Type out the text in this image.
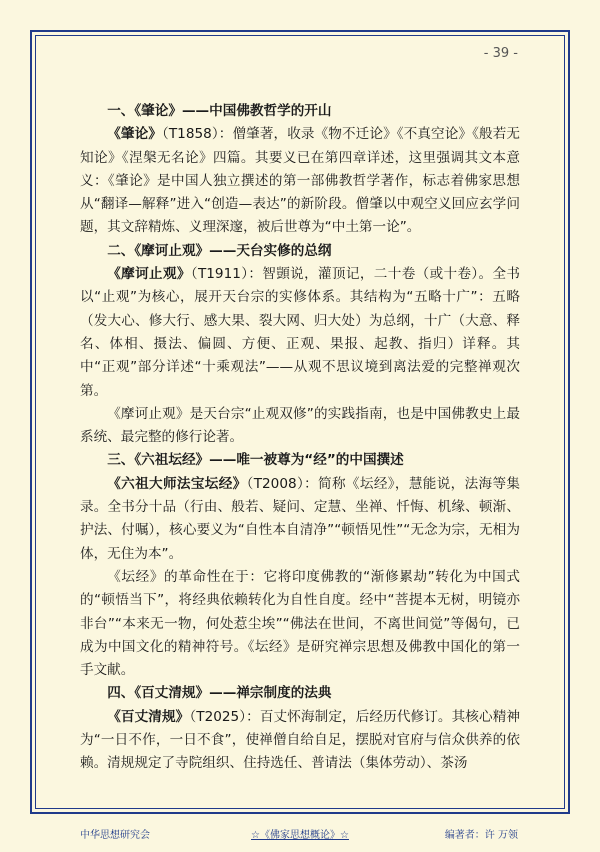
- 39 -
一、《肇论》——中国佛教哲学的开山

《肇论》（T1858）：僧肇著，收录《物不迁论》《不真空论》《般若无知论》《涅槃无名论》四篇。其要义已在第四章详述，这里强调其文本意义：《肇论》是中国人独立撰述的第一部佛教哲学著作，标志着佛家思想从“翻译—解释”进入“创造—表达”的新阶段。僧肇以中观空义回应玄学问题，其文辞精炼、义理深邃，被后世尊为“中土第一论”。

二、《摩诃止观》——天台实修的总纲

《摩诃止观》（T1911）：智顗说，灌顶记，二十卷（或十卷）。全书以“止观”为核心，展开天台宗的实修体系。其结构为“五略十广”：五略（发大心、修大行、感大果、裂大网、归大处）为总纲，十广（大意、释名、体相、摄法、偏圆、方便、正观、果报、起教、指归）详释。其中“正观”部分详述“十乘观法”——从观不思议境到离法爱的完整禅观次第。

《摩诃止观》是天台宗“止观双修”的实践指南，也是中国佛教史上最系统、最完整的修行论著。

三、《六祖坛经》——唯一被尊为“经”的中国撰述

《六祖大师法宝坛经》（T2008）：简称《坛经》，慧能说，法海等集录。全书分十品（行由、般若、疑问、定慧、坐禅、忏悔、机缘、顿渐、护法、付嘱），核心要义为“自性本自清净”“顿悟见性”“无念为宗，无相为体，无住为本”。

《坛经》的革命性在于：它将印度佛教的“渐修累劫”转化为中国式的“顿悟当下”，将经典依赖转化为自性自度。经中“菩提本无树，明镜亦非台”“本来无一物，何处惹尘埃”“佛法在世间，不离世间觉”等偈句，已成为中国文化的精神符号。《坛经》是研究禅宗思想及佛教中国化的第一手文献。

四、《百丈清规》——禅宗制度的法典

《百丈清规》（T2025）：百丈怀海制定，后经历代修订。其核心精神为“一日不作，一日不食”，使禅僧自给自足，摆脱对官府与信众供养的依赖。清规规定了寺院组织、住持选任、普请法（集体劳动）、茶汤

中华思想研究会	☆《佛家思想概论》☆	编著者：许 万领
